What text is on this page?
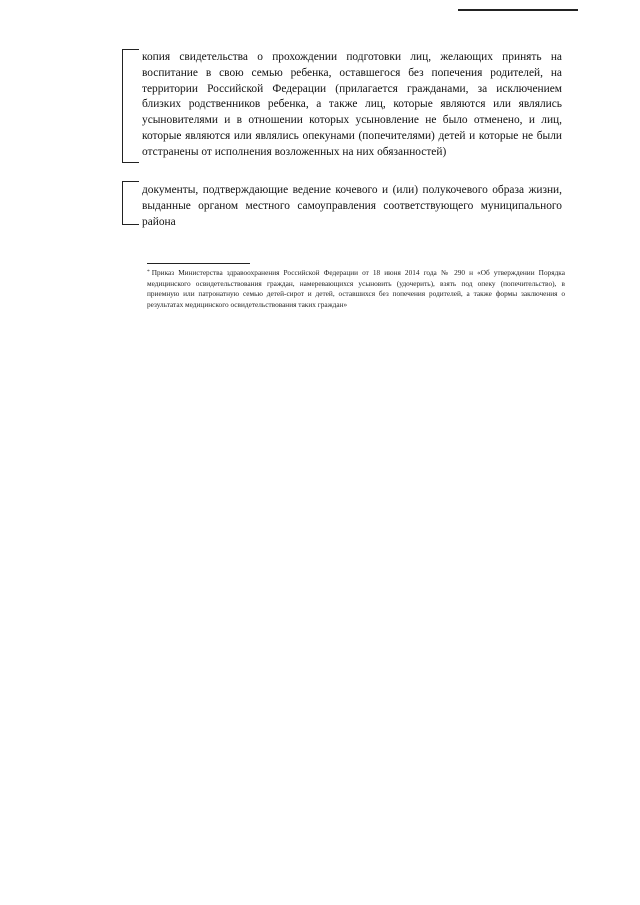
копия свидетельства о прохождении подготовки лиц, желающих принять на воспитание в свою семью ребенка, оставшегося без попечения родителей, на территории Российской Федерации (прилагается гражданами, за исключением близких родственников ребенка, а также лиц, которые являются или являлись усыновителями и в отношении которых усыновление не было отменено, и лиц, которые являются или являлись опекунами (попечителями) детей и которые не были отстранены от исполнения возложенных на них обязанностей)
документы, подтверждающие ведение кочевого и (или) полукочевого образа жизни, выданные органом местного самоуправления соответствующего муниципального района
* Приказ Министерства здравоохранения Российской Федерации от 18 июня 2014 года № 290 н «Об утверждении Порядка медицинского освидетельствования граждан, намеревающихся усыновить (удочерить), взять под опеку (попечительство), в приемную или патронатную семью детей-сирот и детей, оставшихся без попечения родителей, а также формы заключения о результатах медицинского освидетельствования таких граждан»
